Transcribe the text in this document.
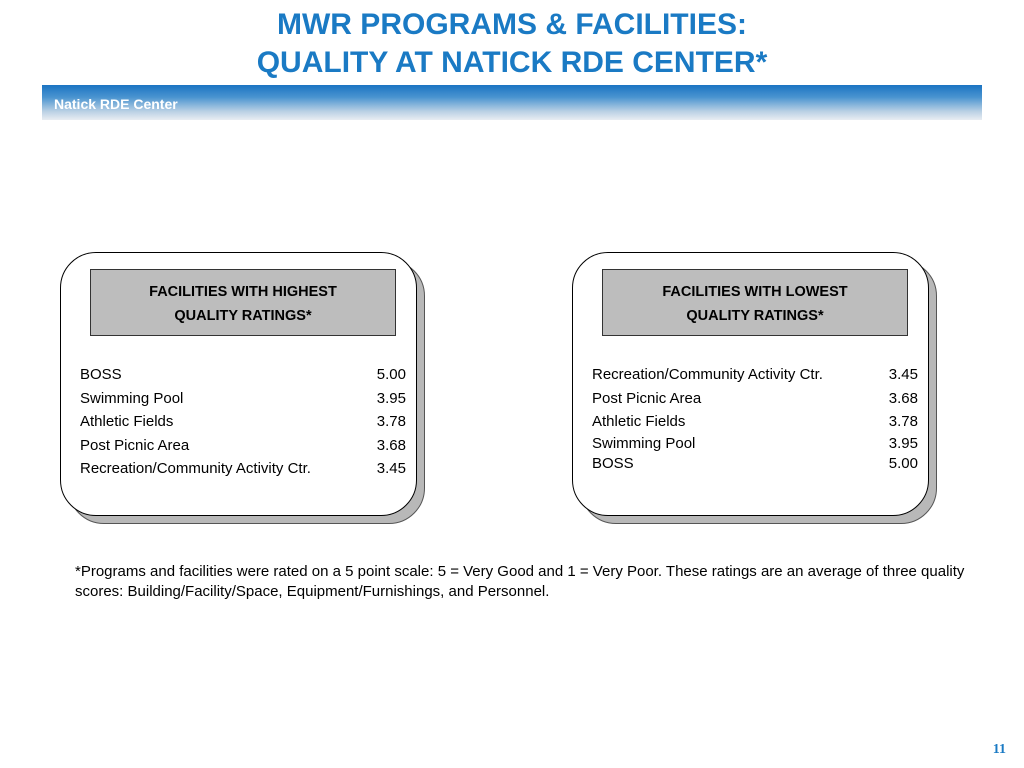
MWR PROGRAMS & FACILITIES:
QUALITY AT NATICK RDE CENTER*
Natick RDE Center
FACILITIES WITH HIGHEST
QUALITY RATINGS*
BOSS	5.00
Swimming Pool	3.95
Athletic Fields	3.78
Post Picnic Area	3.68
Recreation/Community Activity Ctr.	3.45
FACILITIES WITH LOWEST
QUALITY RATINGS*
Recreation/Community Activity Ctr.	3.45
Post Picnic Area	3.68
Athletic Fields	3.78
Swimming Pool	3.95
BOSS	5.00
*Programs and facilities were rated on a 5 point scale: 5 = Very Good and 1 = Very Poor. These ratings are an average of three quality scores: Building/Facility/Space, Equipment/Furnishings, and Personnel.
11
